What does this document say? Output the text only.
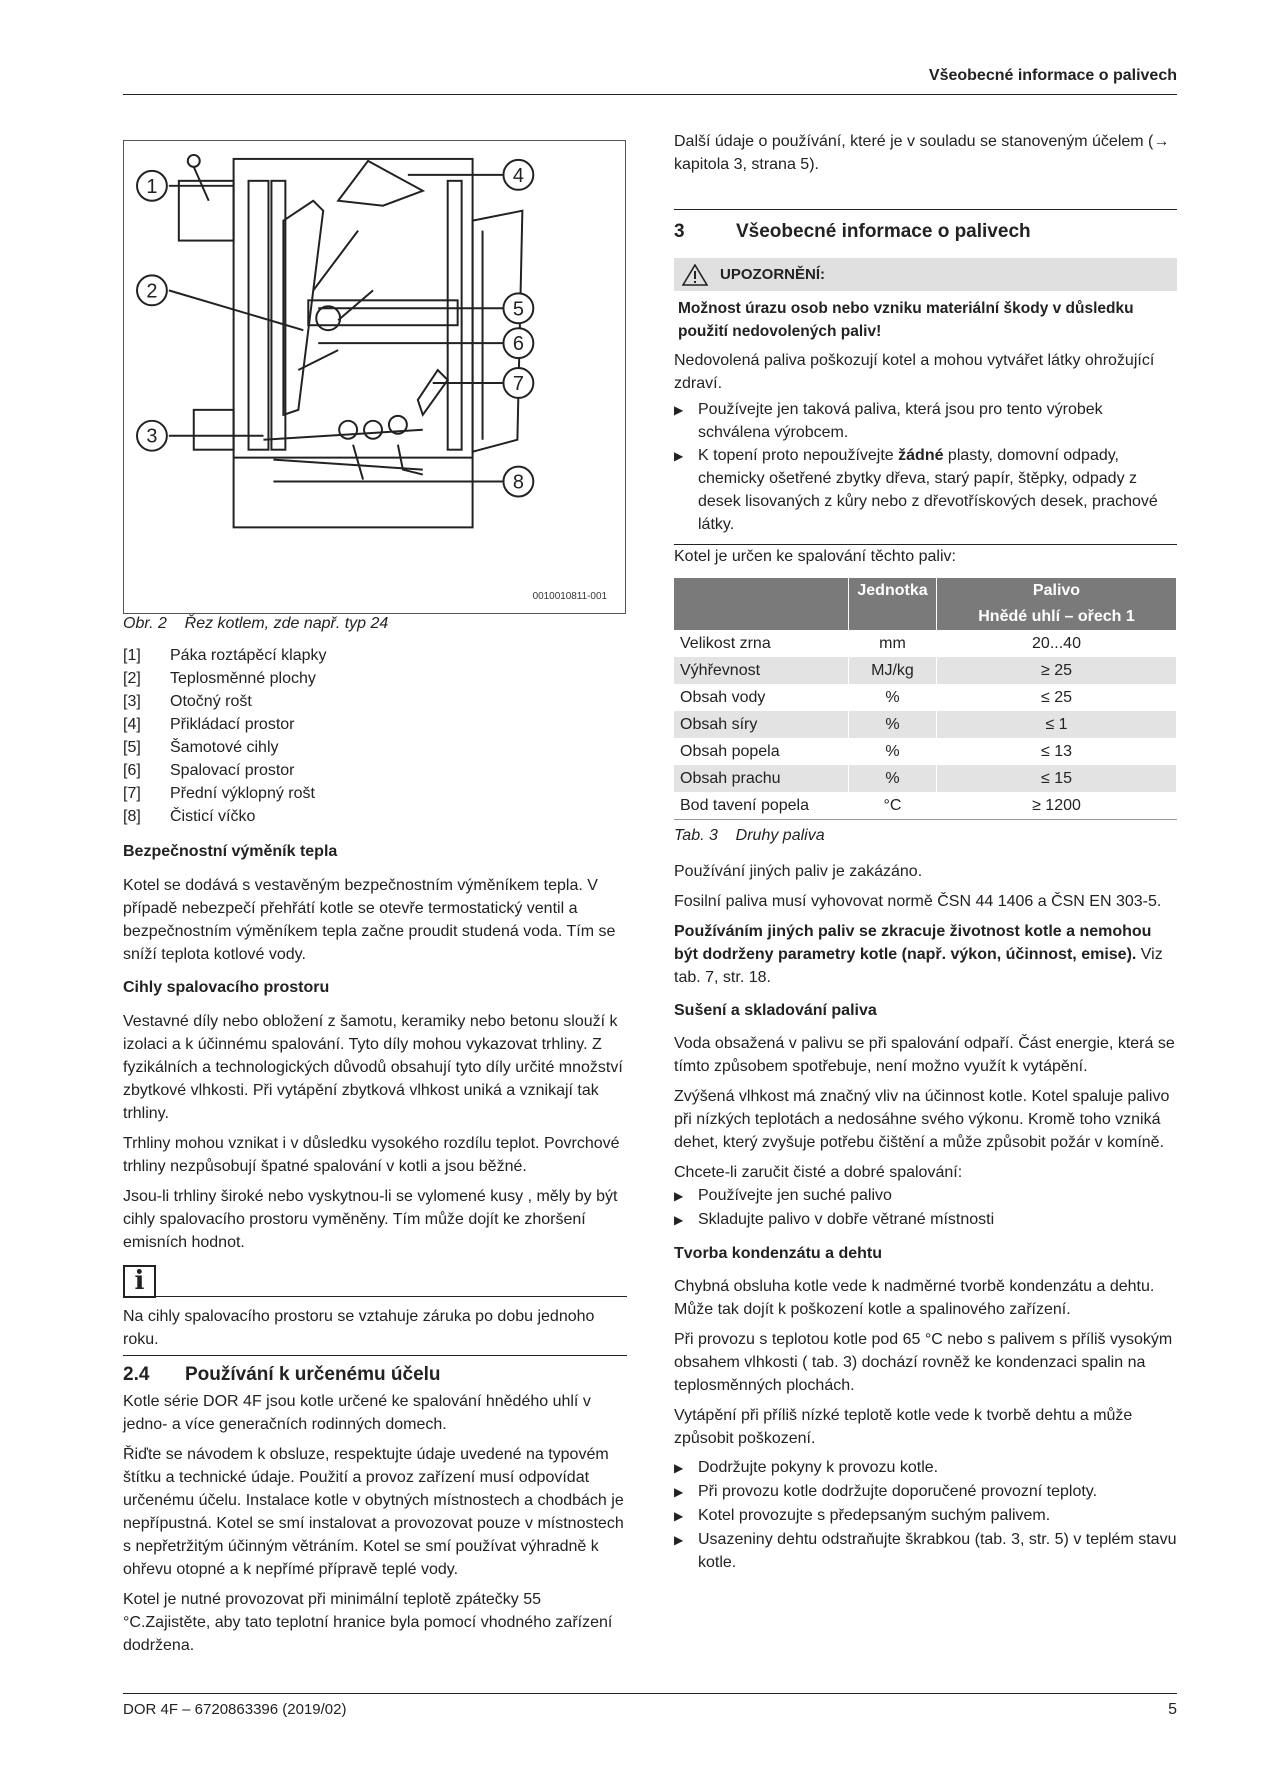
Všeobecné informace o palivech
1
2
3
4
5
6
7
8
0010010811-001

Obr. 2 Řez kotlem, zde např. typ 24

[1]	Páka roztápěcí klapky
[2]	Teplosměnné plochy
[3]	Otočný rošt
[4]	Přikládací prostor
[5]	Šamotové cihly
[6]	Spalovací prostor
[7]	Přední výklopný rošt
[8]	Čisticí víčko

Bezpečnostní výměník tepla

Kotel se dodává s vestavěným bezpečnostním výměníkem tepla. V případě nebezpečí přehřátí kotle se otevře termostatický ventil a bezpečnostním výměníkem tepla začne proudit studená voda. Tím se sníží teplota kotlové vody.

Cihly spalovacího prostoru

Vestavné díly nebo obložení z šamotu, keramiky nebo betonu slouží k izolaci a k účinnému spalování. Tyto díly mohou vykazovat trhliny. Z fyzikálních a technologických důvodů obsahují tyto díly určité množství zbytkové vlhkosti. Při vytápění zbytková vlhkost uniká a vznikají tak trhliny.

Trhliny mohou vznikat i v důsledku vysokého rozdílu teplot. Povrchové trhliny nezpůsobují špatné spalování v kotli a jsou běžné.

Jsou-li trhliny široké nebo vyskytnou-li se vylomené kusy , měly by být cihly spalovacího prostoru vyměněny. Tím může dojít ke zhoršení emisních hodnot.

i

Na cihly spalovacího prostoru se vztahuje záruka po dobu jednoho roku.

2.4 Používání k určenému účelu

Kotle série DOR 4F jsou kotle určené ke spalování hnědého uhlí v jedno- a více generačních rodinných domech.

Řiďte se návodem k obsluze, respektujte údaje uvedené na typovém štítku a technické údaje. Použití a provoz zařízení musí odpovídat určenému účelu. Instalace kotle v obytných místnostech a chodbách je nepřípustná. Kotel se smí instalovat a provozovat pouze v místnostech s nepřetržitým účinným větráním. Kotel se smí používat výhradně k ohřevu otopné a k nepřímé přípravě teplé vody.

Kotel je nutné provozovat při minimální teplotě zpátečky 55 °C.Zajistěte, aby tato teplotní hranice byla pomocí vhodného zařízení dodržena.

Další údaje o používání, které je v souladu se stanoveným účelem (→ kapitola 3, strana 5).

3	Všeobecné informace o palivech
UPOZORNĚNÍ:

Možnost úrazu osob nebo vzniku materiální škody v důsledku použití nedovolených paliv!

Nedovolená paliva poškozují kotel a mohou vytvářet látky ohrožující zdraví.

▶ Používejte jen taková paliva, která jsou pro tento výrobek schválena výrobcem.
▶ K topení proto nepoužívejte žádné plasty, domovní odpady, chemicky ošetřené zbytky dřeva, starý papír, štěpky, odpady z desek lisovaných z kůry nebo z dřevotřískových desek, prachové látky.

Kotel je určen ke spalování těchto paliv:

	Jednotka	Palivo
		Hnědé uhlí – ořech 1
Velikost zrna	mm	20...40
Výhřevnost	MJ/kg	≥ 25
Obsah vody	%	≤ 25
Obsah síry	%	≤ 1
Obsah popela	%	≤ 13
Obsah prachu	%	≤ 15
Bod tavení popela	°C	≥ 1200

Tab. 3 Druhy paliva

Používání jiných paliv je zakázáno.

Fosilní paliva musí vyhovovat normě ČSN 44 1406 a ČSN EN 303-5.

Používáním jiných paliv se zkracuje životnost kotle a nemohou být dodrženy parametry kotle (např. výkon, účinnost, emise). Viz tab. 7, str. 18.

Sušení a skladování paliva

Voda obsažená v palivu se při spalování odpaří. Část energie, která se tímto způsobem spotřebuje, není možno využít k vytápění.

Zvýšená vlhkost má značný vliv na účinnost kotle. Kotel spaluje palivo při nízkých teplotách a nedosáhne svého výkonu. Kromě toho vzniká dehet, který zvyšuje potřebu čištění a může způsobit požár v komíně.

Chcete-li zaručit čisté a dobré spalování:

▶ Používejte jen suché palivo
▶ Skladujte palivo v dobře větrané místnosti

Tvorba kondenzátu a dehtu

Chybná obsluha kotle vede k nadměrné tvorbě kondenzátu a dehtu. Může tak dojít k poškození kotle a spalinového zařízení.

Při provozu s teplotou kotle pod 65 °C nebo s palivem s příliš vysokým obsahem vlhkosti ( tab. 3) dochází rovněž ke kondenzaci spalin na teplosměnných plochách.

Vytápění při příliš nízké teplotě kotle vede k tvorbě dehtu a může způsobit poškození.

▶ Dodržujte pokyny k provozu kotle.
▶ Při provozu kotle dodržujte doporučené provozní teploty.
▶ Kotel provozujte s předepsaným suchým palivem.
▶ Usazeniny dehtu odstraňujte škrabkou (tab. 3, str. 5) v teplém stavu kotle.
DOR 4F – 6720863396 (2019/02)	5
